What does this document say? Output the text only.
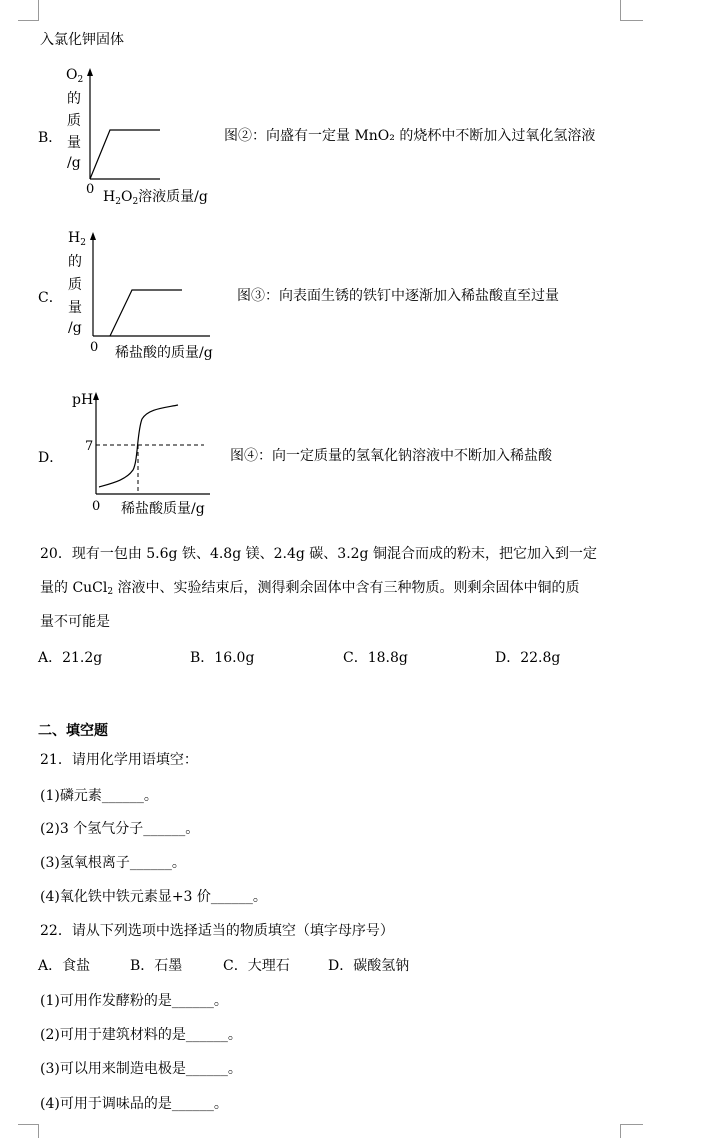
入氯化钾固体
B．
$O_2$
的
质
量
/g
0 $H_2O_2$溶液质量/g
图②：向盛有一定量 MnO₂ 的烧杯中不断加入过氧化氢溶液
C．
$H_2$
的
质
量
/g
0 稀盐酸的质量/g
图③：向表面生锈的铁钉中逐渐加入稀盐酸直至过量
D．
pH
7
0 稀盐酸质量/g
图④：向一定质量的氢氧化钠溶液中不断加入稀盐酸
20．现有一包由 5.6g 铁、4.8g 镁、2.4g 碳、3.2g 铜混合而成的粉末，把它加入到一定
量的 CuCl$_2$ 溶液中、实验结束后，测得剩余固体中含有三种物质。则剩余固体中铜的质
量不可能是
A．21.2g	B．16.0g	C．18.8g	D．22.8g
二、填空题
21．请用化学用语填空：
(1)磷元素______。
(2)3 个氢气分子______。
(3)氢氧根离子______。
(4)氧化铁中铁元素显+3 价______。
22．请从下列选项中选择适当的物质填空（填字母序号）
A．食盐	B．石墨	C．大理石	D．碳酸氢钠
(1)可用作发酵粉的是______。
(2)可用于建筑材料的是______。
(3)可以用来制造电极是______。
(4)可用于调味品的是______。
